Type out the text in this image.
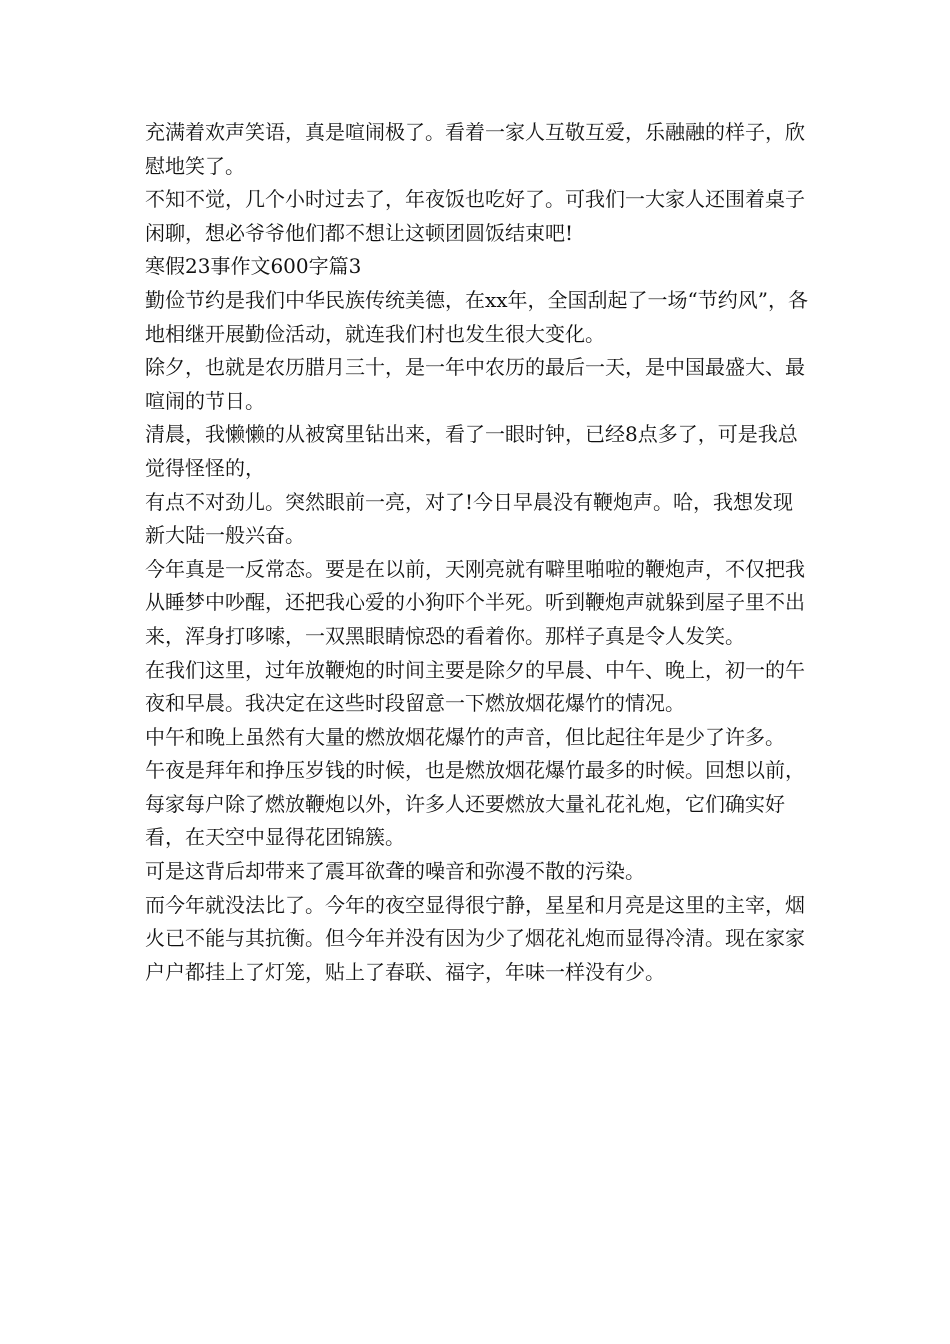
充满着欢声笑语，真是喧闹极了。看着一家人互敬互爱，乐融融的样子，欣慰地笑了。

不知不觉，几个小时过去了，年夜饭也吃好了。可我们一大家人还围着桌子闲聊，想必爷爷他们都不想让这顿团圆饭结束吧!

寒假23事作文600字篇3

勤俭节约是我们中华民族传统美德，在xx年，全国刮起了一场“节约风”，各地相继开展勤俭活动，就连我们村也发生很大变化。

除夕，也就是农历腊月三十，是一年中农历的最后一天，是中国最盛大、最喧闹的节日。

清晨，我懒懒的从被窝里钻出来，看了一眼时钟，已经8点多了，可是我总觉得怪怪的，

有点不对劲儿。突然眼前一亮，对了!今日早晨没有鞭炮声。哈，我想发现新大陆一般兴奋。

今年真是一反常态。要是在以前，天刚亮就有噼里啪啦的鞭炮声，不仅把我从睡梦中吵醒，还把我心爱的小狗吓个半死。听到鞭炮声就躲到屋子里不出来，浑身打哆嗦，一双黑眼睛惊恐的看着你。那样子真是令人发笑。

在我们这里，过年放鞭炮的时间主要是除夕的早晨、中午、晚上，初一的午夜和早晨。我决定在这些时段留意一下燃放烟花爆竹的情况。

中午和晚上虽然有大量的燃放烟花爆竹的声音，但比起往年是少了许多。

午夜是拜年和挣压岁钱的时候，也是燃放烟花爆竹最多的时候。回想以前，每家每户除了燃放鞭炮以外，许多人还要燃放大量礼花礼炮，它们确实好看，在天空中显得花团锦簇。

可是这背后却带来了震耳欲聋的噪音和弥漫不散的污染。

而今年就没法比了。今年的夜空显得很宁静，星星和月亮是这里的主宰，烟火已不能与其抗衡。但今年并没有因为少了烟花礼炮而显得冷清。现在家家户户都挂上了灯笼，贴上了春联、福字，年味一样没有少。
